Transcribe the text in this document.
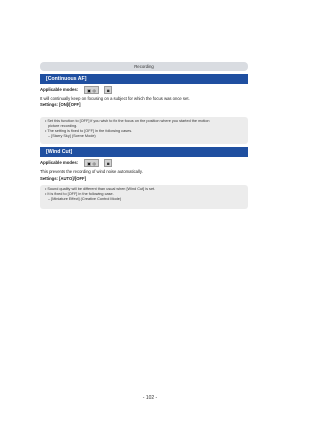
Recording
[Continuous AF]
Applicable modes: ▣ ◎	◙
It will continually keep on focusing on a subject for which the focus was once set.
Settings: [ON]/[OFF]

• Set this function to [OFF] if you wish to fix the focus on the position where you started the motion

picture recording.

• The setting is fixed to [OFF] in the following cases.

– [Starry Sky] (Scene Mode)

[Wind Cut]
Applicable modes: ▣ ◎	◙
This prevents the recording of wind noise automatically.
Settings: [AUTO]/[OFF]

• Sound quality will be different than usual when [Wind Cut] is set.

• It is fixed to [OFF] in the following case.

– [Miniature Effect] (Creative Control Mode)

- 102 -
